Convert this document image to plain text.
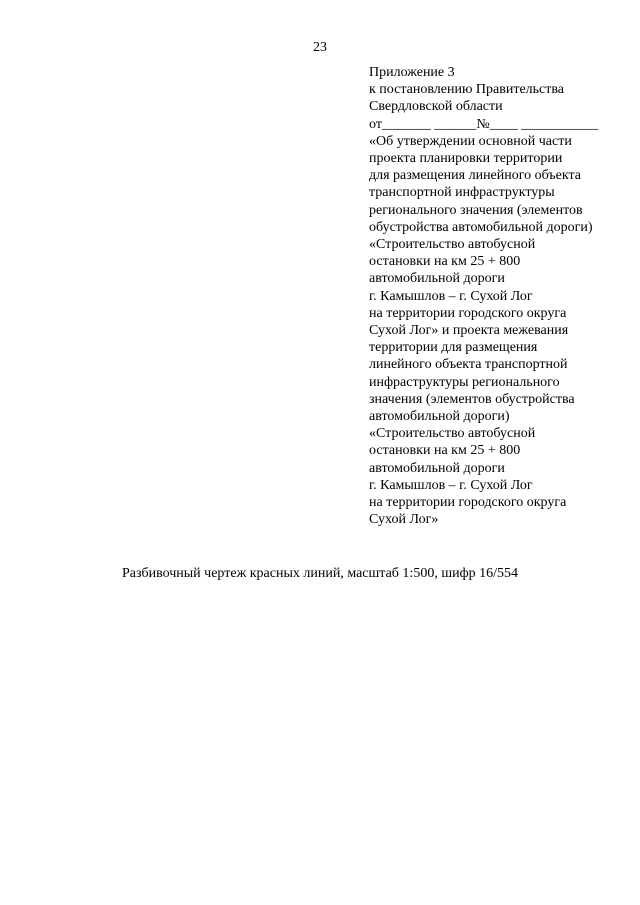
23
Приложение 3
к постановлению Правительства
Свердловской области
от_______ ______№____ ___________
«Об утверждении основной части
проекта планировки территории
для размещения линейного объекта
транспортной инфраструктуры
регионального значения (элементов
обустройства автомобильной дороги)
«Строительство автобусной
остановки на км 25 + 800
автомобильной дороги
г. Камышлов – г. Сухой Лог
на территории городского округа
Сухой Лог» и проекта межевания
территории для размещения
линейного объекта транспортной
инфраструктуры регионального
значения (элементов обустройства
автомобильной дороги)
«Строительство автобусной
остановки на км 25 + 800
автомобильной дороги
г. Камышлов – г. Сухой Лог
на территории городского округа
Сухой Лог»
Разбивочный чертеж красных линий, масштаб 1:500, шифр 16/554
